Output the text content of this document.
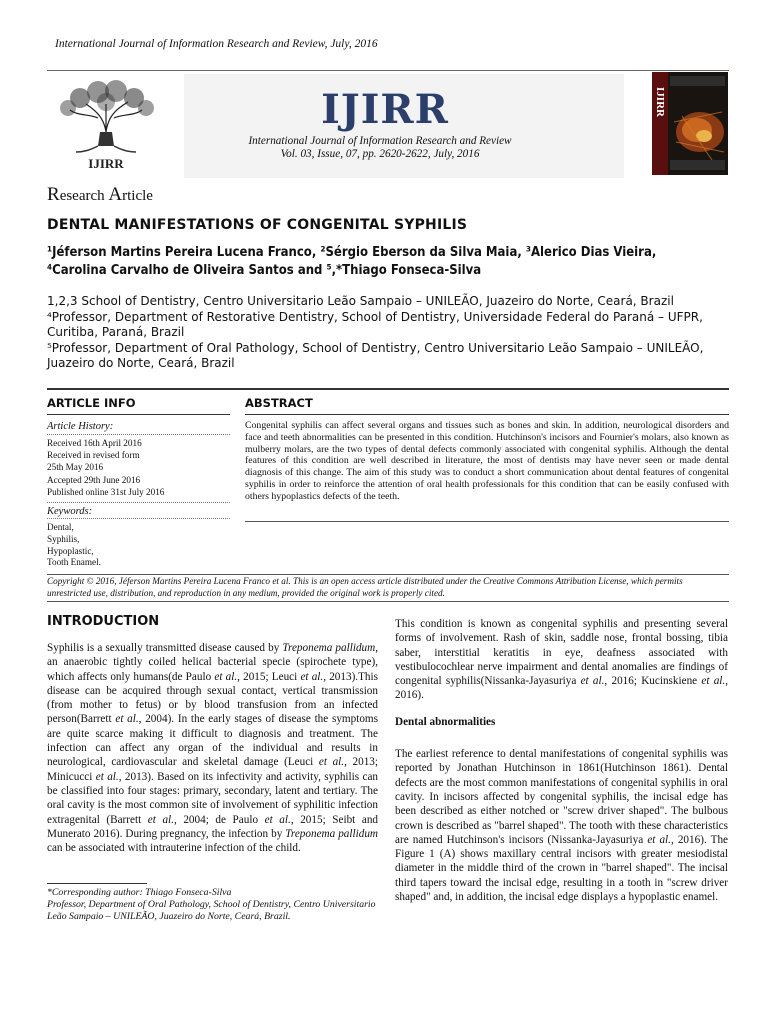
International Journal of Information Research and Review, July, 2016
IJIRR
IJIRR
International Journal of Information Research and Review
Vol. 03, Issue, 07, pp. 2620-2622, July, 2016
IJIRR
Research Article
DENTAL MANIFESTATIONS OF CONGENITAL SYPHILIS
¹Jéferson Martins Pereira Lucena Franco, ²Sérgio Eberson da Silva Maia, ³Alerico Dias Vieira,
⁴Carolina Carvalho de Oliveira Santos and ⁵,*Thiago Fonseca-Silva

1,2,3 School of Dentistry, Centro Universitario Leão Sampaio – UNILEÃO, Juazeiro do Norte, Ceará, Brazil

⁴Professor, Department of Restorative Dentistry, School of Dentistry, Universidade Federal do Paraná – UFPR, Curitiba, Paraná, Brazil

⁵Professor, Department of Oral Pathology, School of Dentistry, Centro Universitario Leão Sampaio – UNILEÃO, Juazeiro do Norte, Ceará, Brazil

ARTICLE INFO	ABSTRACT
Article History:
Received 16th April 2016
Received in revised form
25th May 2016
Accepted 29th June 2016
Published online 31st July 2016
Keywords:
Dental,
Syphilis,
Hypoplastic,
Tooth Enamel.
Congenital syphilis can affect several organs and tissues such as bones and skin. In addition, neurological disorders and face and teeth abnormalities can be presented in this condition. Hutchinson's incisors and Fournier's molars, also known as mulberry molars, are the two types of dental defects commonly associated with congenital syphilis. Although the dental features of this condition are well described in literature, the most of dentists may have never seen or made dental diagnosis of this change. The aim of this study was to conduct a short communication about dental features of congenital syphilis in order to reinforce the attention of oral health professionals for this condition that can be easily confused with others hypoplastics defects of the teeth.
Copyright © 2016, Jéferson Martins Pereira Lucena Franco et al. This is an open access article distributed under the Creative Commons Attribution License, which permits unrestricted use, distribution, and reproduction in any medium, provided the original work is properly cited.
INTRODUCTION

Syphilis is a sexually transmitted disease caused by Treponema pallidum, an anaerobic tightly coiled helical bacterial specie (spirochete type), which affects only humans(de Paulo et al., 2015; Leuci et al., 2013).This disease can be acquired through sexual contact, vertical transmission (from mother to fetus) or by blood transfusion from an infected person(Barrett et al., 2004). In the early stages of disease the symptoms are quite scarce making it difficult to diagnosis and treatment. The infection can affect any organ of the individual and results in neurological, cardiovascular and skeletal damage (Leuci et al., 2013; Minicucci et al., 2013). Based on its infectivity and activity, syphilis can be classified into four stages: primary, secondary, latent and tertiary. The oral cavity is the most common site of involvement of syphilitic infection extragenital (Barrett et al., 2004; de Paulo et al., 2015; Seibt and Munerato 2016). During pregnancy, the infection by Treponema pallidum can be associated with intrauterine infection of the child.

This condition is known as congenital syphilis and presenting several forms of involvement. Rash of skin, saddle nose, frontal bossing, tibia saber, interstitial keratitis in eye, deafness associated with vestibulocochlear nerve impairment and dental anomalies are findings of congenital syphilis(Nissanka-Jayasuriya et al., 2016; Kucinskiene et al., 2016).

Dental abnormalities

The earliest reference to dental manifestations of congenital syphilis was reported by Jonathan Hutchinson in 1861(Hutchinson 1861). Dental defects are the most common manifestations of congenital syphilis in oral cavity. In incisors affected by congenital syphilis, the incisal edge has been described as either notched or "screw driver shaped". The bulbous crown is described as "barrel shaped". The tooth with these characteristics are named Hutchinson's incisors (Nissanka-Jayasuriya et al., 2016). The Figure 1 (A) shows maxillary central incisors with greater mesiodistal diameter in the middle third of the crown in "barrel shaped". The incisal third tapers toward the incisal edge, resulting in a tooth in "screw driver shaped" and, in addition, the incisal edge displays a hypoplastic enamel.

*Corresponding author: Thiago Fonseca-Silva
Professor, Department of Oral Pathology, School of Dentistry, Centro Universitario Leão Sampaio – UNILEÃO, Juazeiro do Norte, Ceará, Brazil.
